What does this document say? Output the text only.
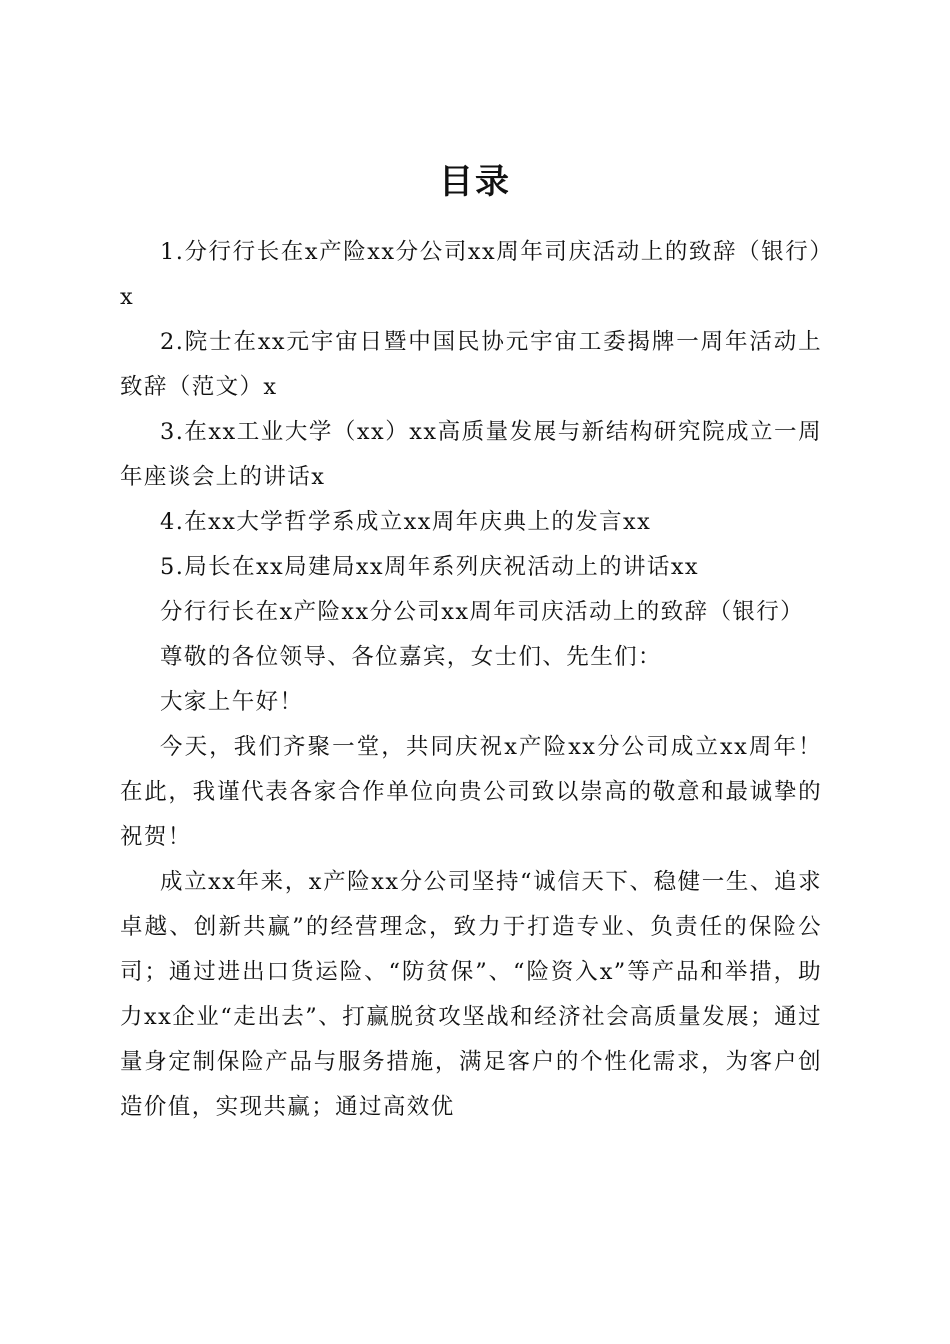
目录

1.分行行长在x产险xx分公司xx周年司庆活动上的致辞（银行）x

2.院士在xx元宇宙日暨中国民协元宇宙工委揭牌一周年活动上致辞（范文）x

3.在xx工业大学（xx）xx高质量发展与新结构研究院成立一周年座谈会上的讲话x

4.在xx大学哲学系成立xx周年庆典上的发言xx

5.局长在xx局建局xx周年系列庆祝活动上的讲话xx

分行行长在x产险xx分公司xx周年司庆活动上的致辞（银行）

尊敬的各位领导、各位嘉宾，女士们、先生们：

大家上午好！

今天，我们齐聚一堂，共同庆祝x产险xx分公司成立xx周年！在此，我谨代表各家合作单位向贵公司致以崇高的敬意和最诚挚的祝贺！

成立xx年来，x产险xx分公司坚持“诚信天下、稳健一生、追求卓越、创新共赢”的经营理念，致力于打造专业、负责任的保险公司；通过进出口货运险、“防贫保”、“险资入x”等产品和举措，助力xx企业“走出去”、打赢脱贫攻坚战和经济社会高质量发展；通过量身定制保险产品与服务措施，满足客户的个性化需求，为客户创造价值，实现共赢；通过高效优
